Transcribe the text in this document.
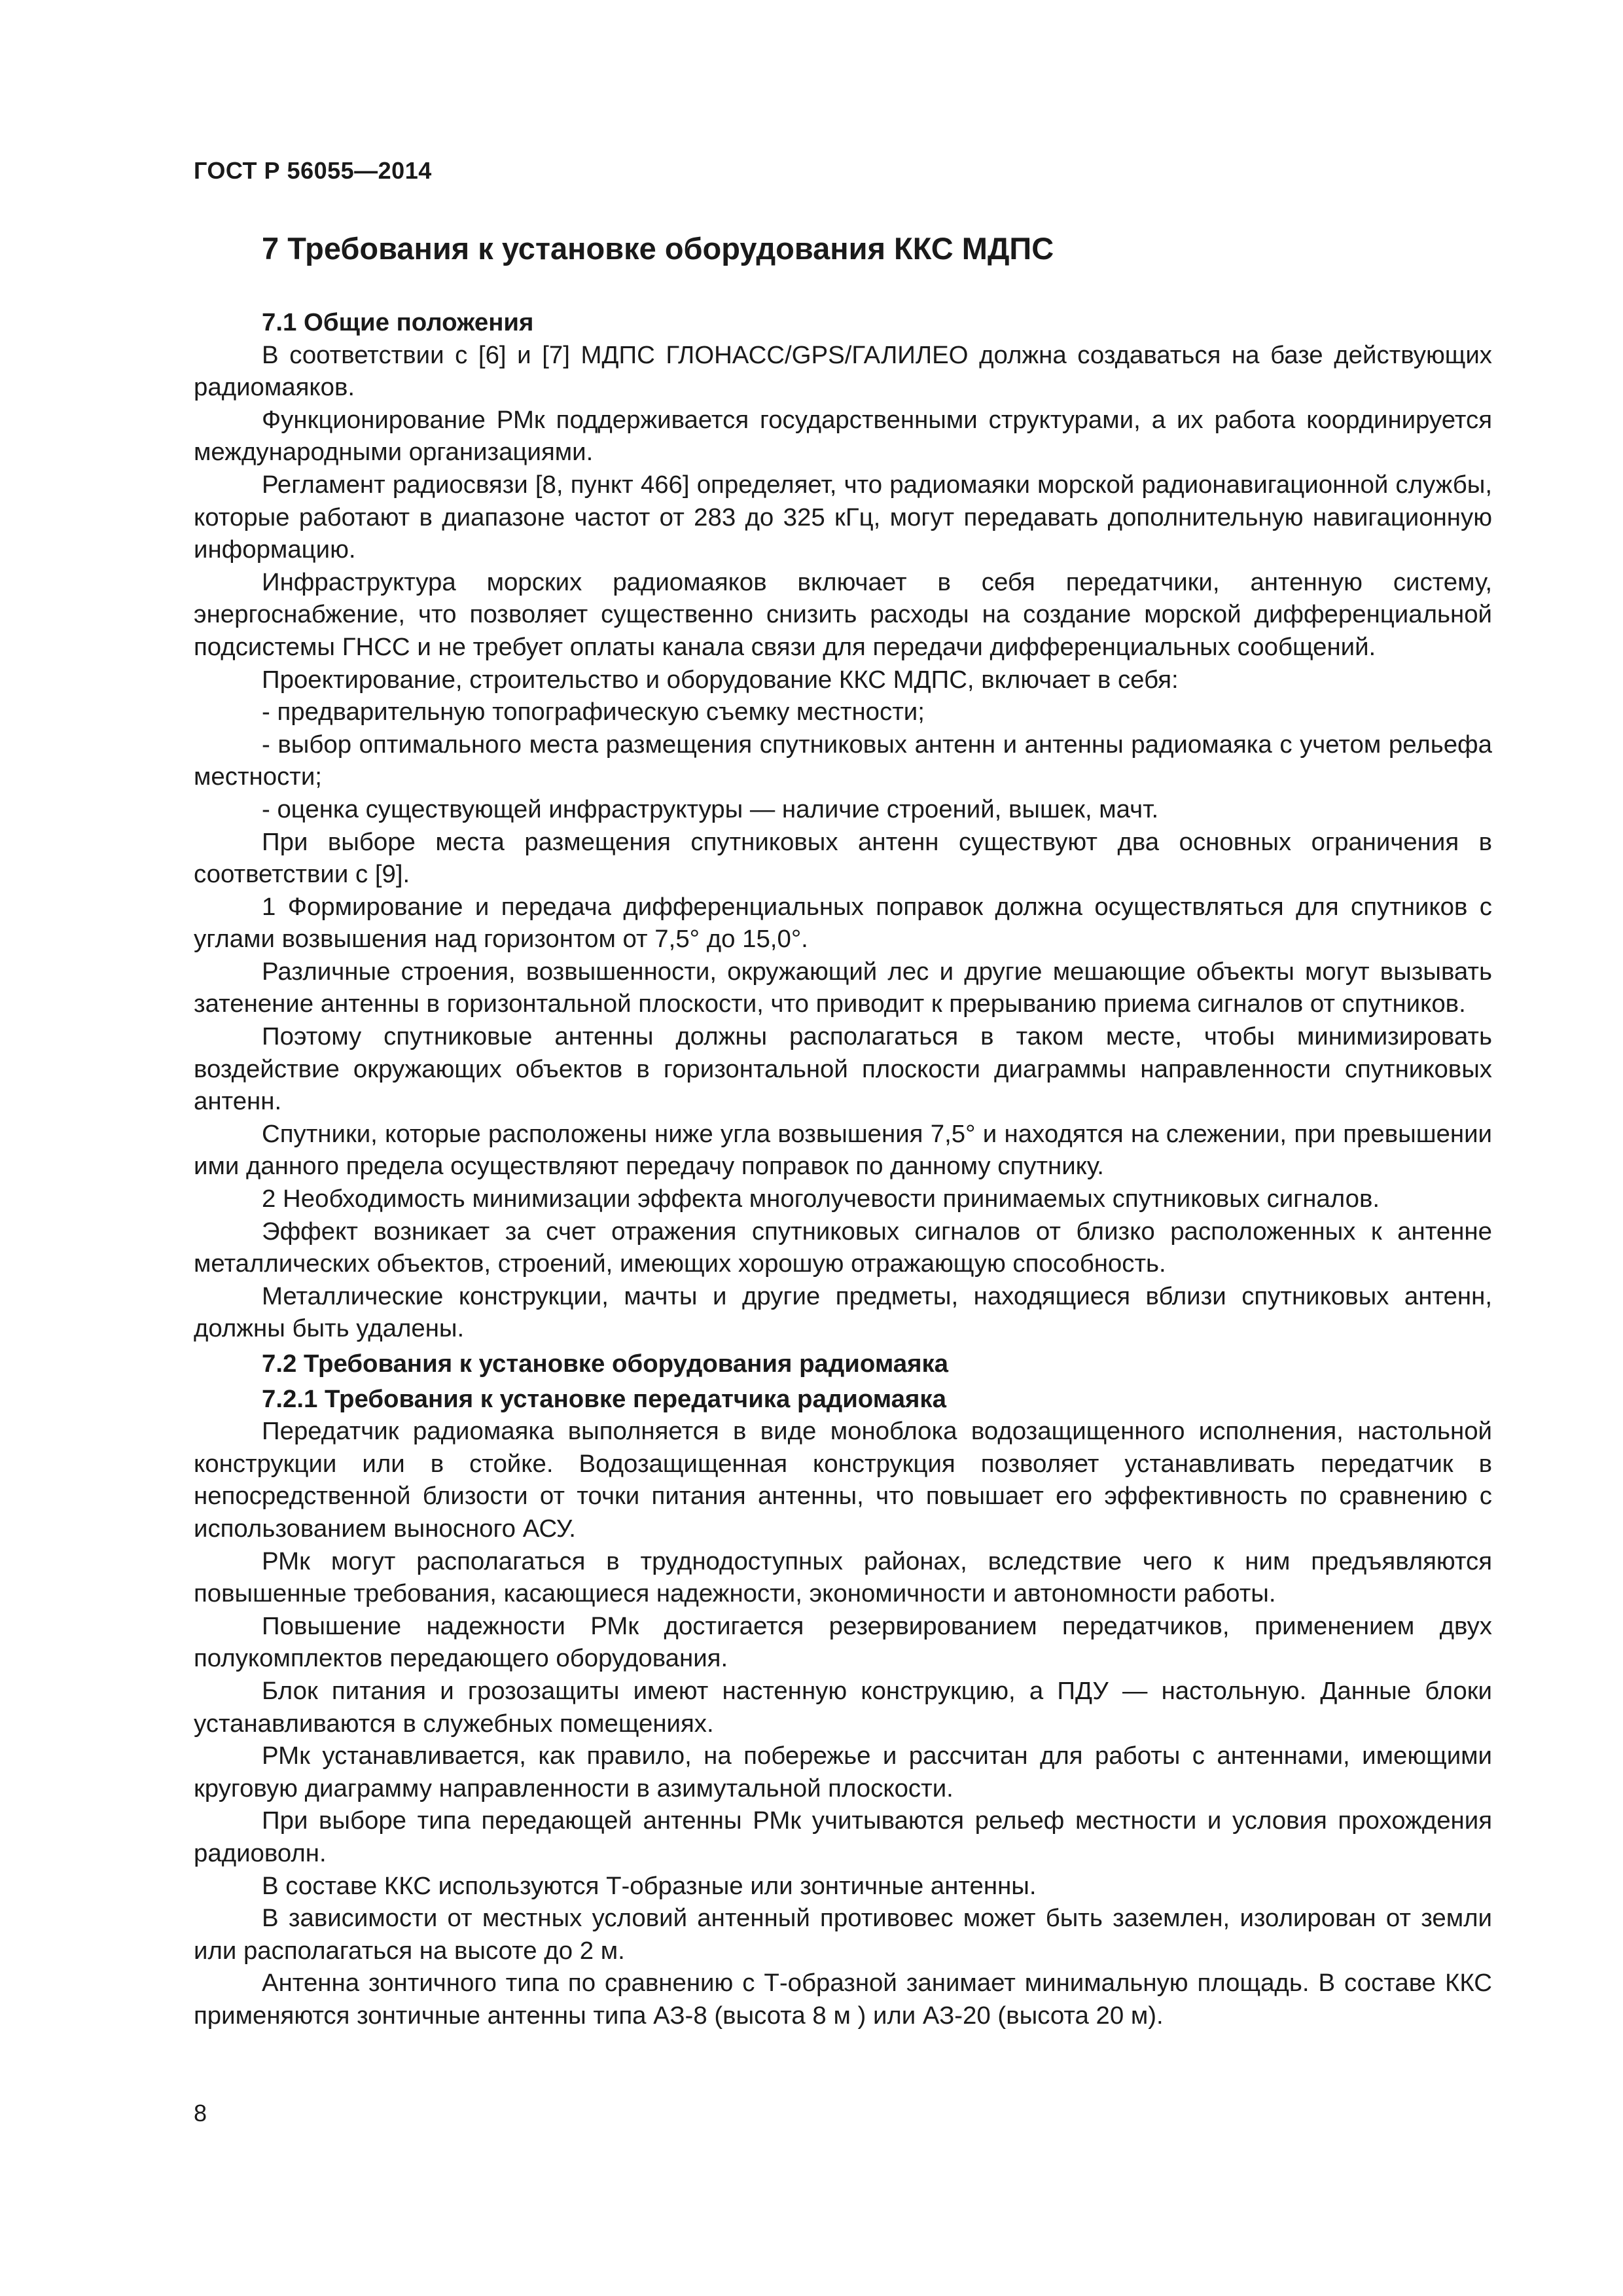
ГОСТ Р 56055—2014
7 Требования к установке оборудования ККС МДПС
7.1 Общие положения

В соответствии с [6] и [7] МДПС ГЛОНАСС/GPS/ГАЛИЛЕО должна создаваться на базе действующих радиомаяков.

Функционирование РМк поддерживается государственными структурами, а их работа координируется международными организациями.

Регламент радиосвязи [8, пункт 466] определяет, что радиомаяки морской радионавигационной службы, которые работают в диапазоне частот от 283 до 325 кГц, могут передавать дополнительную навигационную информацию.

Инфраструктура морских радиомаяков включает в себя передатчики, антенную систему, энергоснабжение, что позволяет существенно снизить расходы на создание морской дифференциальной подсистемы ГНСС и не требует оплаты канала связи для передачи дифференциальных сообщений.

Проектирование, строительство и оборудование ККС МДПС, включает в себя:

- предварительную топографическую съемку местности;

- выбор оптимального места размещения спутниковых антенн и антенны радиомаяка с учетом рельефа местности;

- оценка существующей инфраструктуры — наличие строений, вышек, мачт.

При выборе места размещения спутниковых антенн существуют два основных ограничения в соответствии с [9].

1 Формирование и передача дифференциальных поправок должна осуществляться для спутников с углами возвышения над горизонтом от 7,5° до 15,0°.

Различные строения, возвышенности, окружающий лес и другие мешающие объекты могут вызывать затенение антенны в горизонтальной плоскости, что приводит к прерыванию приема сигналов от спутников.

Поэтому спутниковые антенны должны располагаться в таком месте, чтобы минимизировать воздействие окружающих объектов в горизонтальной плоскости диаграммы направленности спутниковых антенн.

Спутники, которые расположены ниже угла возвышения 7,5° и находятся на слежении, при превышении ими данного предела осуществляют передачу поправок по данному спутнику.

2 Необходимость минимизации эффекта многолучевости принимаемых спутниковых сигналов.

Эффект возникает за счет отражения спутниковых сигналов от близко расположенных к антенне металлических объектов, строений, имеющих хорошую отражающую способность.

Металлические конструкции, мачты и другие предметы, находящиеся вблизи спутниковых антенн, должны быть удалены.

7.2 Требования к установке оборудования радиомаяка
7.2.1 Требования к установке передатчика радиомаяка

Передатчик радиомаяка выполняется в виде моноблока водозащищенного исполнения, настольной конструкции или в стойке. Водозащищенная конструкция позволяет устанавливать передатчик в непосредственной близости от точки питания антенны, что повышает его эффективность по сравнению с использованием выносного АСУ.

РМк могут располагаться в труднодоступных районах, вследствие чего к ним предъявляются повышенные требования, касающиеся надежности, экономичности и автономности работы.

Повышение надежности РМк достигается резервированием передатчиков, применением двух полукомплектов передающего оборудования.

Блок питания и грозозащиты имеют настенную конструкцию, а ПДУ — настольную. Данные блоки устанавливаются в служебных помещениях.

РМк устанавливается, как правило, на побережье и рассчитан для работы с антеннами, имеющими круговую диаграмму направленности в азимутальной плоскости.

При выборе типа передающей антенны РМк учитываются рельеф местности и условия прохождения радиоволн.

В составе ККС используются Т-образные или зонтичные антенны.

В зависимости от местных условий антенный противовес может быть заземлен, изолирован от земли или располагаться на высоте до 2 м.

Антенна зонтичного типа по сравнению с Т-образной занимает минимальную площадь. В составе ККС применяются зонтичные антенны типа АЗ-8 (высота 8 м ) или АЗ-20 (высота 20 м).

8
